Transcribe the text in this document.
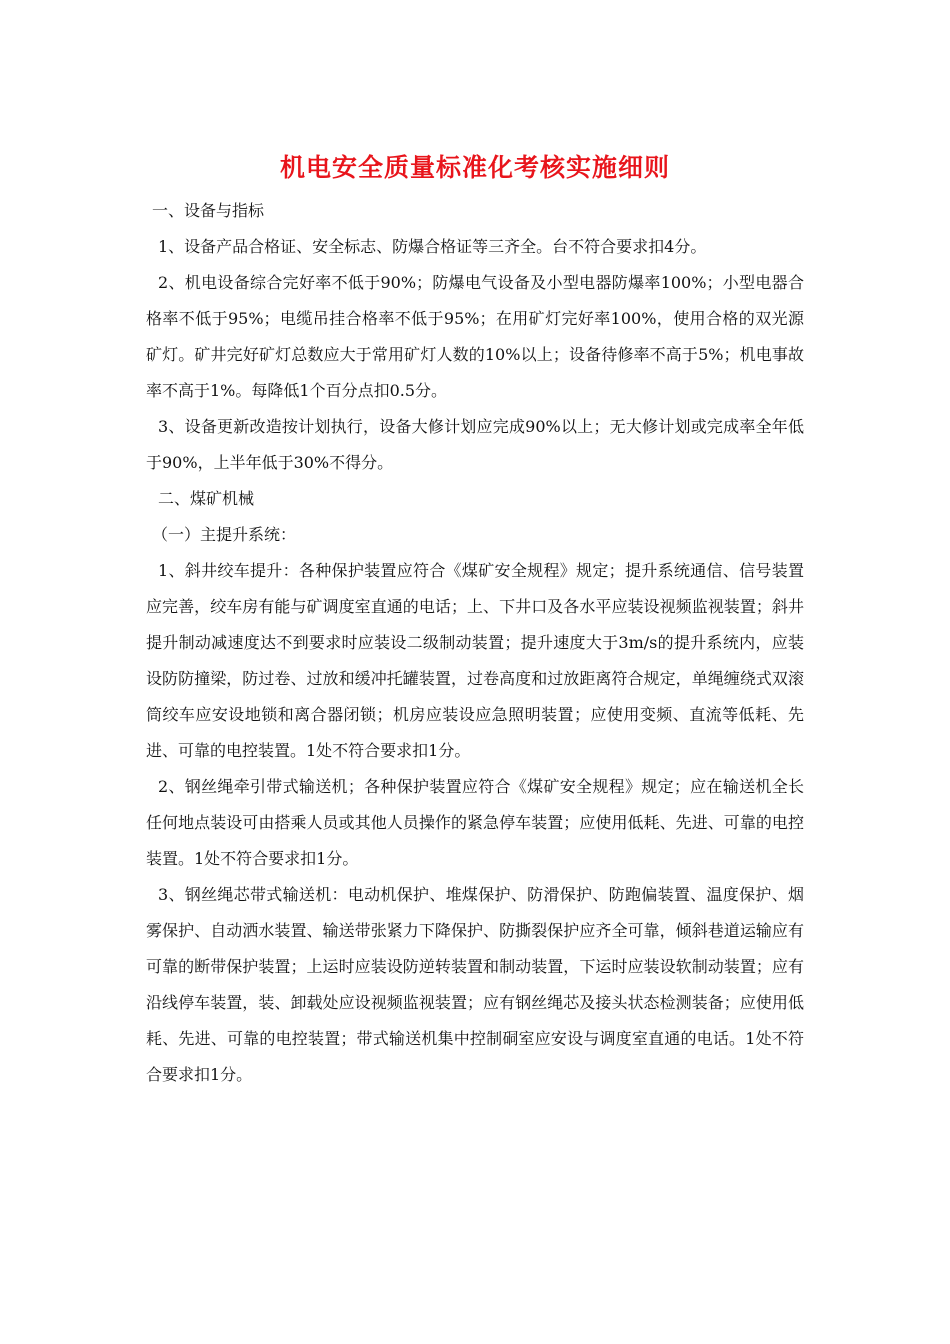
机电安全质量标准化考核实施细则

一、设备与指标

1、设备产品合格证、安全标志、防爆合格证等三齐全。台不符合要求扣4分。

2、机电设备综合完好率不低于90%；防爆电气设备及小型电器防爆率100%；小型电器合格率不低于95%；电缆吊挂合格率不低于95%；在用矿灯完好率100%，使用合格的双光源矿灯。矿井完好矿灯总数应大于常用矿灯人数的10%以上；设备待修率不高于5%；机电事故率不高于1%。每降低1个百分点扣0.5分。

3、设备更新改造按计划执行，设备大修计划应完成90%以上；无大修计划或完成率全年低于90%，上半年低于30%不得分。

二、煤矿机械

（一）主提升系统：

1、斜井绞车提升：各种保护装置应符合《煤矿安全规程》规定；提升系统通信、信号装置应完善，绞车房有能与矿调度室直通的电话；上、下井口及各水平应装设视频监视装置；斜井提升制动减速度达不到要求时应装设二级制动装置；提升速度大于3m/s的提升系统内，应装设防防撞梁，防过卷、过放和缓冲托罐装置，过卷高度和过放距离符合规定，单绳缠绕式双滚筒绞车应安设地锁和离合器闭锁；机房应装设应急照明装置；应使用变频、直流等低耗、先进、可靠的电控装置。1处不符合要求扣1分。

2、钢丝绳牵引带式输送机；各种保护装置应符合《煤矿安全规程》规定；应在输送机全长任何地点装设可由搭乘人员或其他人员操作的紧急停车装置；应使用低耗、先进、可靠的电控装置。1处不符合要求扣1分。

3、钢丝绳芯带式输送机：电动机保护、堆煤保护、防滑保护、防跑偏装置、温度保护、烟雾保护、自动洒水装置、输送带张紧力下降保护、防撕裂保护应齐全可靠，倾斜巷道运输应有可靠的断带保护装置；上运时应装设防逆转装置和制动装置，下运时应装设软制动装置；应有沿线停车装置，装、卸载处应设视频监视装置；应有钢丝绳芯及接头状态检测装备；应使用低耗、先进、可靠的电控装置；带式输送机集中控制硐室应安设与调度室直通的电话。1处不符合要求扣1分。
